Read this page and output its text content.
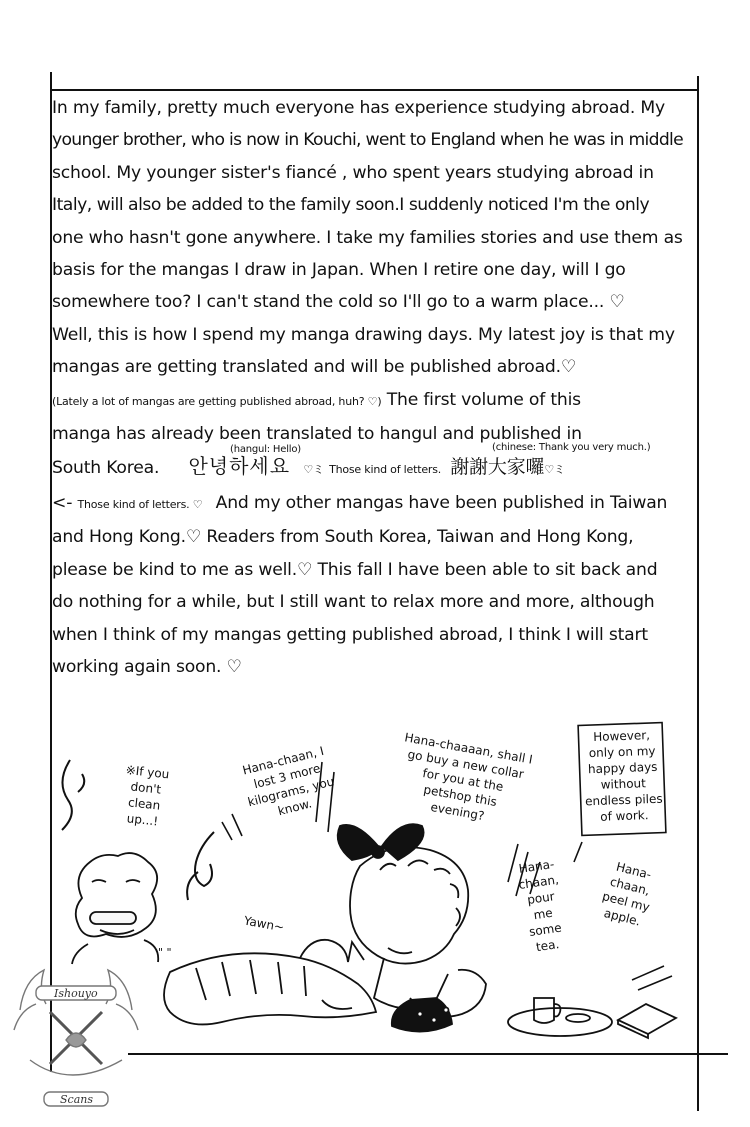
In my family, pretty much everyone has experience studying abroad. My
younger brother, who is now in Kouchi, went to England when he was in middle
school. My younger sister's fiancé , who spent years studying abroad in
Italy, will also be added to the family soon.I suddenly noticed I'm the only
one who hasn't gone anywhere. I take my families stories and use them as
basis for the mangas I draw in Japan. When I retire one day, will I go
somewhere too? I can't stand the cold so I'll go to a warm place... ♡
Well, this is how I spend my manga drawing days. My latest joy is that my
mangas are getting translated and will be published abroad.♡
(Lately a lot of mangas are getting published abroad, huh? ♡) The first volume of this
manga has already been translated to hangul and published in
South Korea.
(hangul: Hello)
안녕하세요 ♡ミ Those kind of letters.
(chinese: Thank you very much.)
謝謝大家囉♡ミ
<- Those kind of letters. ♡ And my other mangas have been published in Taiwan
and Hong Kong.♡ Readers from South Korea, Taiwan and Hong Kong,
please be kind to me as well.♡ This fall I have been able to sit back and
do nothing for a while, but I still want to relax more and more, although
when I think of my mangas getting published abroad, I think I will start
working again soon. ♡
" "
※If you
don't
clean
up...!
Hana-chaan, I
lost 3 more
kilograms, you
know.
Hana-chaaaan, shall I
go buy a new collar
for you at the
petshop this
evening?
However,
only on my
happy days
without
endless piles
of work.
Hana-
chaan,
pour
me
some
tea.
Hana-
chaan,
peel my
apple.
Yawn~
Ishouyo
Scans
